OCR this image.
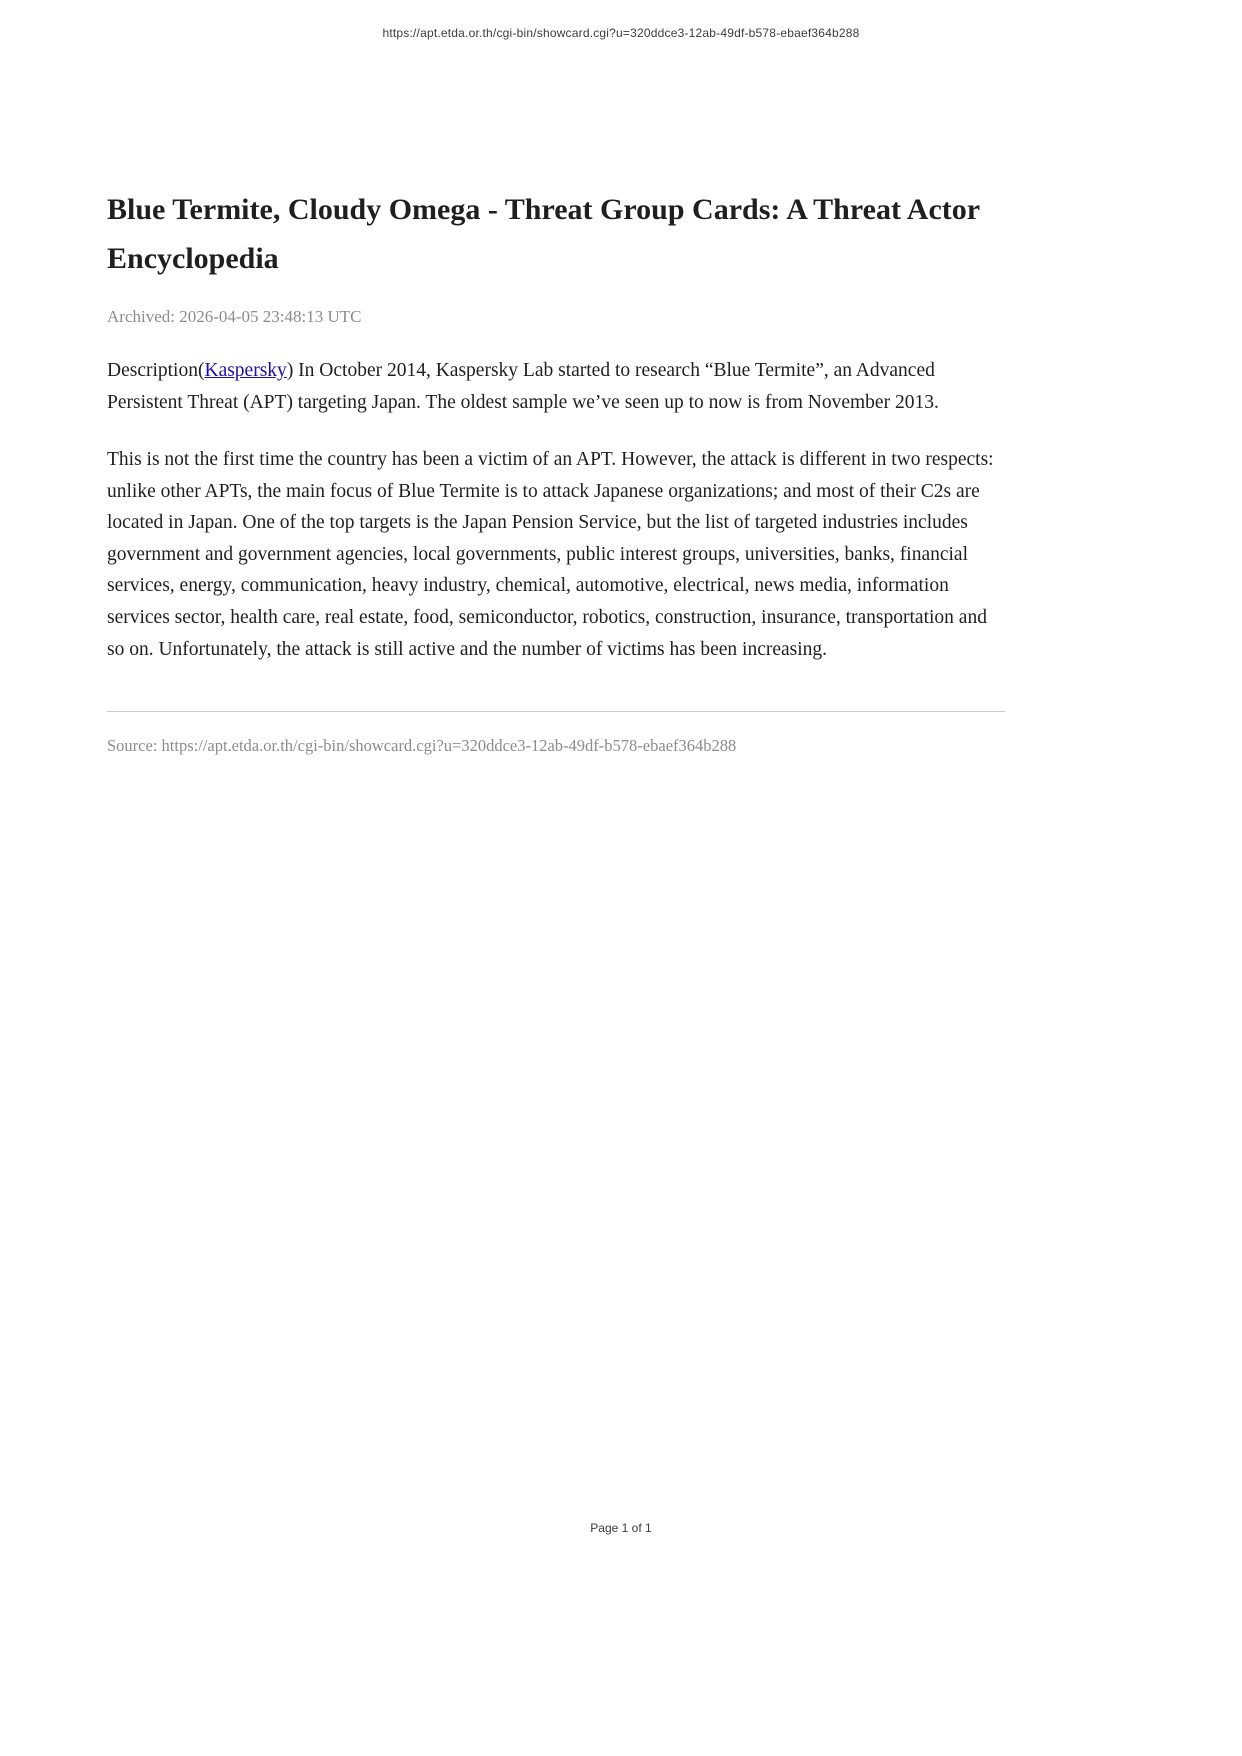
https://apt.etda.or.th/cgi-bin/showcard.cgi?u=320ddce3-12ab-49df-b578-ebaef364b288
Blue Termite, Cloudy Omega - Threat Group Cards: A Threat Actor Encyclopedia

Archived: 2026-04-05 23:48:13 UTC

Description(Kaspersky) In October 2014, Kaspersky Lab started to research “Blue Termite”, an Advanced Persistent Threat (APT) targeting Japan. The oldest sample we’ve seen up to now is from November 2013.

This is not the first time the country has been a victim of an APT. However, the attack is different in two respects: unlike other APTs, the main focus of Blue Termite is to attack Japanese organizations; and most of their C2s are located in Japan. One of the top targets is the Japan Pension Service, but the list of targeted industries includes government and government agencies, local governments, public interest groups, universities, banks, financial services, energy, communication, heavy industry, chemical, automotive, electrical, news media, information services sector, health care, real estate, food, semiconductor, robotics, construction, insurance, transportation and so on. Unfortunately, the attack is still active and the number of victims has been increasing.

Source: https://apt.etda.or.th/cgi-bin/showcard.cgi?u=320ddce3-12ab-49df-b578-ebaef364b288

Page 1 of 1
